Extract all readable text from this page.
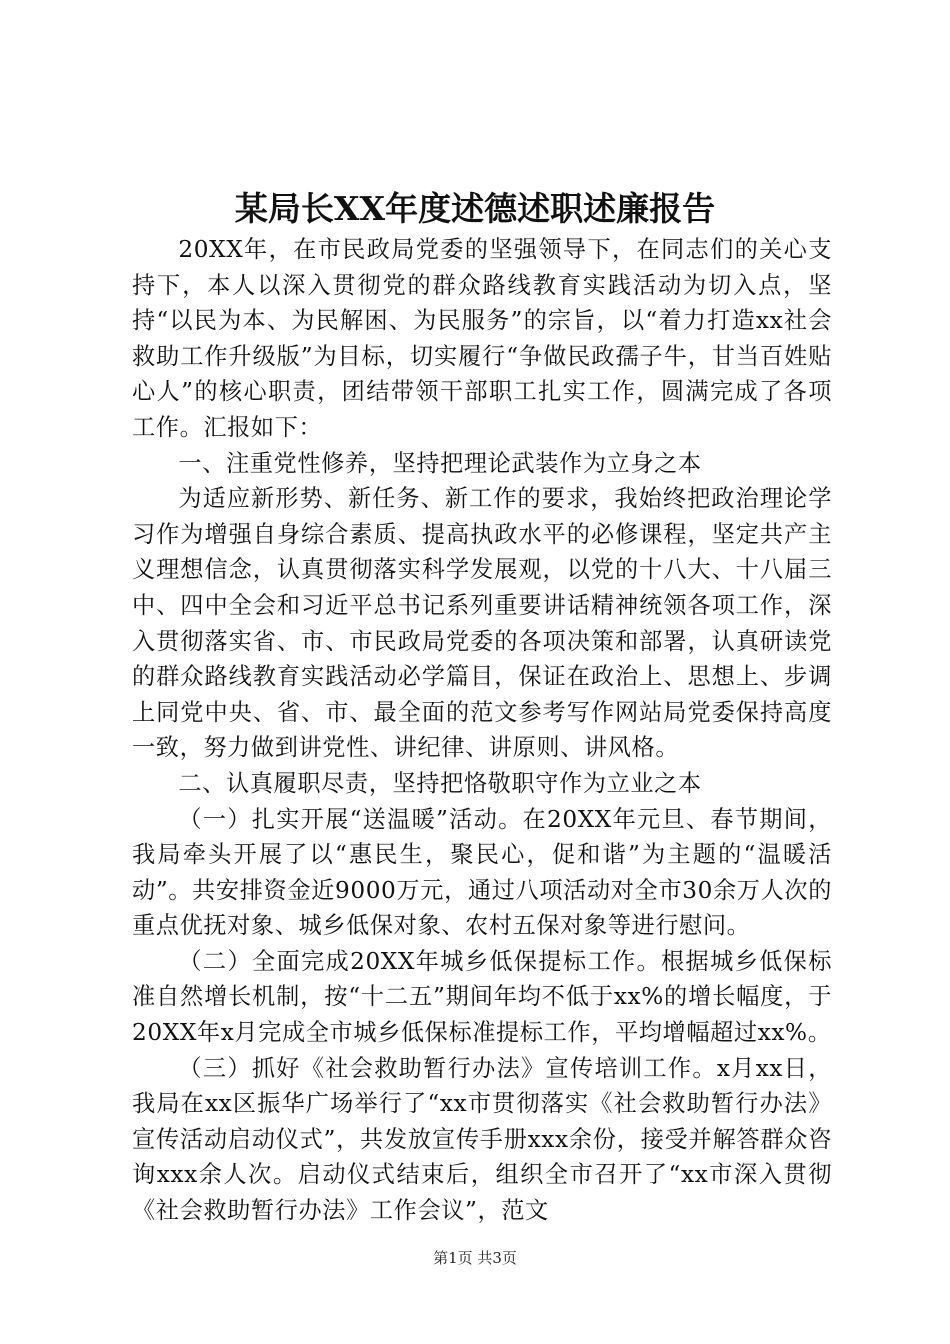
某局长XX年度述德述职述廉报告

20XX年，在市民政局党委的坚强领导下，在同志们的关心支持下，本人以深入贯彻党的群众路线教育实践活动为切入点，坚持“以民为本、为民解困、为民服务”的宗旨，以“着力打造xx社会救助工作升级版”为目标，切实履行“争做民政孺子牛，甘当百姓贴心人”的核心职责，团结带领干部职工扎实工作，圆满完成了各项工作。汇报如下：

一、注重党性修养，坚持把理论武装作为立身之本

为适应新形势、新任务、新工作的要求，我始终把政治理论学习作为增强自身综合素质、提高执政水平的必修课程，坚定共产主义理想信念，认真贯彻落实科学发展观，以党的十八大、十八届三中、四中全会和习近平总书记系列重要讲话精神统领各项工作，深入贯彻落实省、市、市民政局党委的各项决策和部署，认真研读党的群众路线教育实践活动必学篇目，保证在政治上、思想上、步调上同党中央、省、市、最全面的范文参考写作网站局党委保持高度一致，努力做到讲党性、讲纪律、讲原则、讲风格。

二、认真履职尽责，坚持把恪敬职守作为立业之本

（一）扎实开展“送温暖”活动。在20XX年元旦、春节期间，我局牵头开展了以“惠民生，聚民心，促和谐”为主题的“温暖活动”。共安排资金近9000万元，通过八项活动对全市30余万人次的重点优抚对象、城乡低保对象、农村五保对象等进行慰问。

（二）全面完成20XX年城乡低保提标工作。根据城乡低保标准自然增长机制，按“十二五”期间年均不低于xx%的增长幅度，于20XX年x月完成全市城乡低保标准提标工作，平均增幅超过xx%。

（三）抓好《社会救助暂行办法》宣传培训工作。x月xx日，我局在xx区振华广场举行了“xx市贯彻落实《社会救助暂行办法》宣传活动启动仪式”，共发放宣传手册xxx余份，接受并解答群众咨询xxx余人次。启动仪式结束后，组织全市召开了“xx市深入贯彻《社会救助暂行办法》工作会议”，范文

第1页 共3页
